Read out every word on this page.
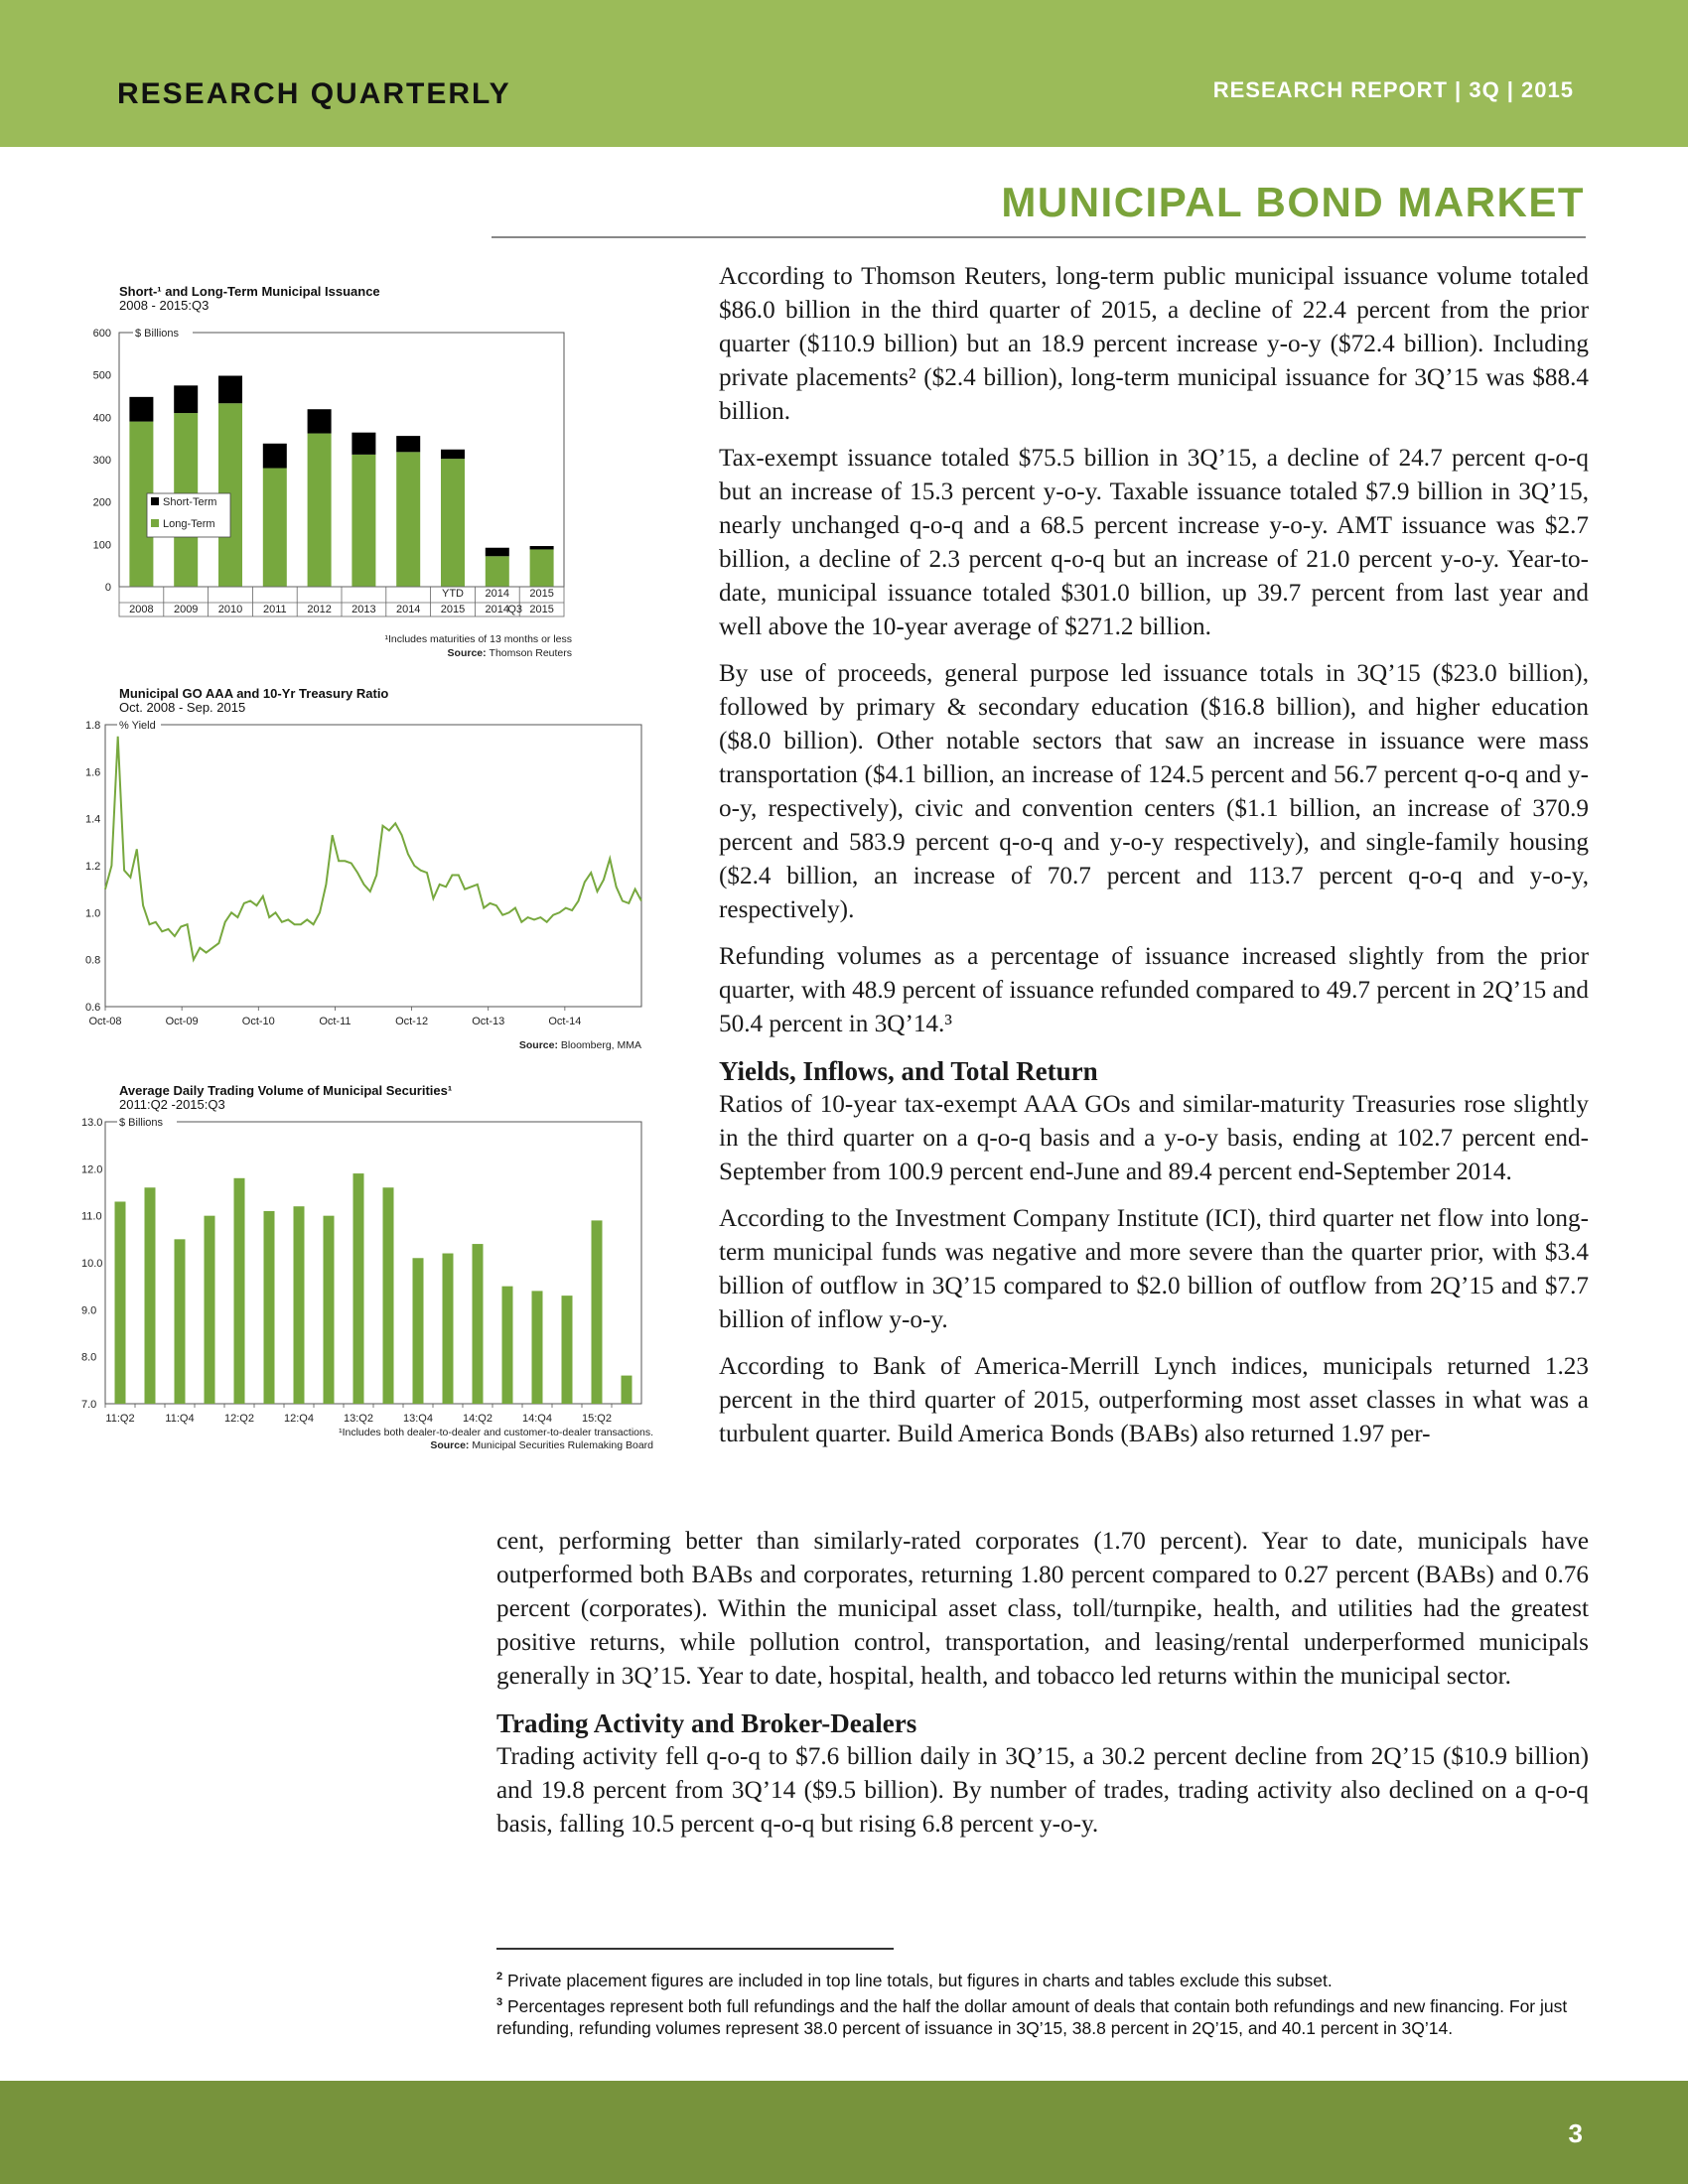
RESEARCH QUARTERLY	RESEARCH REPORT | 3Q | 2015
MUNICIPAL BOND MARKET
Short-¹ and Long-Term Municipal Issuance
2008 - 2015:Q3
$ Billions
0
100
200
300
400
500
600
2008 2009 2010 2011 2012 2013 2014 2015
YTD
2014
2014
2015
2015
Q3
Short-Term
Long-Term
¹Includes maturities of 13 months or less
Source: Thomson Reuters
Municipal GO AAA and 10-Yr Treasury Ratio
Oct. 2008 - Sep. 2015
% Yield
0.6
0.8
1.0
1.2
1.4
1.6
1.8
Oct-08	Oct-09	Oct-10	Oct-11	Oct-12	Oct-13	Oct-14
Source: Bloomberg, MMA
Average Daily Trading Volume of Municipal Securities¹
2011:Q2 -2015:Q3
$ Billions
7.0
8.0
9.0
10.0
11.0
12.0
13.0
11:Q2	11:Q4	12:Q2	12:Q4	13:Q2	13:Q4	14:Q2	14:Q4	15:Q2
¹Includes both dealer-to-dealer and customer-to-dealer transactions.
Source: Municipal Securities Rulemaking Board

According to Thomson Reuters, long-term public municipal issuance volume totaled $86.0 billion in the third quarter of 2015, a decline of 22.4 percent from the prior quarter ($110.9 billion) but an 18.9 percent increase y-o-y ($72.4 billion). Including private placements² ($2.4 billion), long-term municipal issuance for 3Q’15 was $88.4 billion.

Tax-exempt issuance totaled $75.5 billion in 3Q’15, a decline of 24.7 percent q-o-q but an increase of 15.3 percent y-o-y. Taxable issuance totaled $7.9 billion in 3Q’15, nearly unchanged q-o-q and a 68.5 percent increase y-o-y. AMT issuance was $2.7 billion, a decline of 2.3 percent q-o-q but an increase of 21.0 percent y-o-y. Year-to-date, municipal issuance totaled $301.0 billion, up 39.7 percent from last year and well above the 10-year average of $271.2 billion.

By use of proceeds, general purpose led issuance totals in 3Q’15 ($23.0 billion), followed by primary & secondary education ($16.8 billion), and higher education ($8.0 billion). Other notable sectors that saw an increase in issuance were mass transportation ($4.1 billion, an increase of 124.5 percent and 56.7 percent q-o-q and y-o-y, respectively), civic and convention centers ($1.1 billion, an increase of 370.9 percent and 583.9 percent q-o-q and y-o-y respectively), and single-family housing ($2.4 billion, an increase of 70.7 percent and 113.7 percent q-o-q and y-o-y, respectively).

Refunding volumes as a percentage of issuance increased slightly from the prior quarter, with 48.9 percent of issuance refunded compared to 49.7 percent in 2Q’15 and 50.4 percent in 3Q’14.³

Yields, Inflows, and Total Return

Ratios of 10-year tax-exempt AAA GOs and similar-maturity Treasuries rose slightly in the third quarter on a q-o-q basis and a y-o-y basis, ending at 102.7 percent end-September from 100.9 percent end-June and 89.4 percent end-September 2014.

According to the Investment Company Institute (ICI), third quarter net flow into long-term municipal funds was negative and more severe than the quarter prior, with $3.4 billion of outflow in 3Q’15 compared to $2.0 billion of outflow from 2Q’15 and $7.7 billion of inflow y-o-y.

According to Bank of America-Merrill Lynch indices, municipals returned 1.23 percent in the third quarter of 2015, outperforming most asset classes in what was a turbulent quarter. Build America Bonds (BABs) also returned 1.97 per-

cent, performing better than similarly-rated corporates (1.70 percent). Year to date, municipals have outperformed both BABs and corporates, returning 1.80 percent compared to 0.27 percent (BABs) and 0.76 percent (corporates). Within the municipal asset class, toll/turnpike, health, and utilities had the greatest positive returns, while pollution control, transportation, and leasing/rental underperformed municipals generally in 3Q’15. Year to date, hospital, health, and tobacco led returns within the municipal sector.

Trading Activity and Broker-Dealers

Trading activity fell q-o-q to $7.6 billion daily in 3Q’15, a 30.2 percent decline from 2Q’15 ($10.9 billion) and 19.8 percent from 3Q’14 ($9.5 billion). By number of trades, trading activity also declined on a q-o-q basis, falling 10.5 percent q-o-q but rising 6.8 percent y-o-y.

$^2$ Private placement figures are included in top line totals, but figures in charts and tables exclude this subset.
$^3$ Percentages represent both full refundings and the half the dollar amount of deals that contain both refundings and new financing. For just refunding, refunding volumes represent 38.0 percent of issuance in 3Q’15, 38.8 percent in 2Q’15, and 40.1 percent in 3Q’14.
3
